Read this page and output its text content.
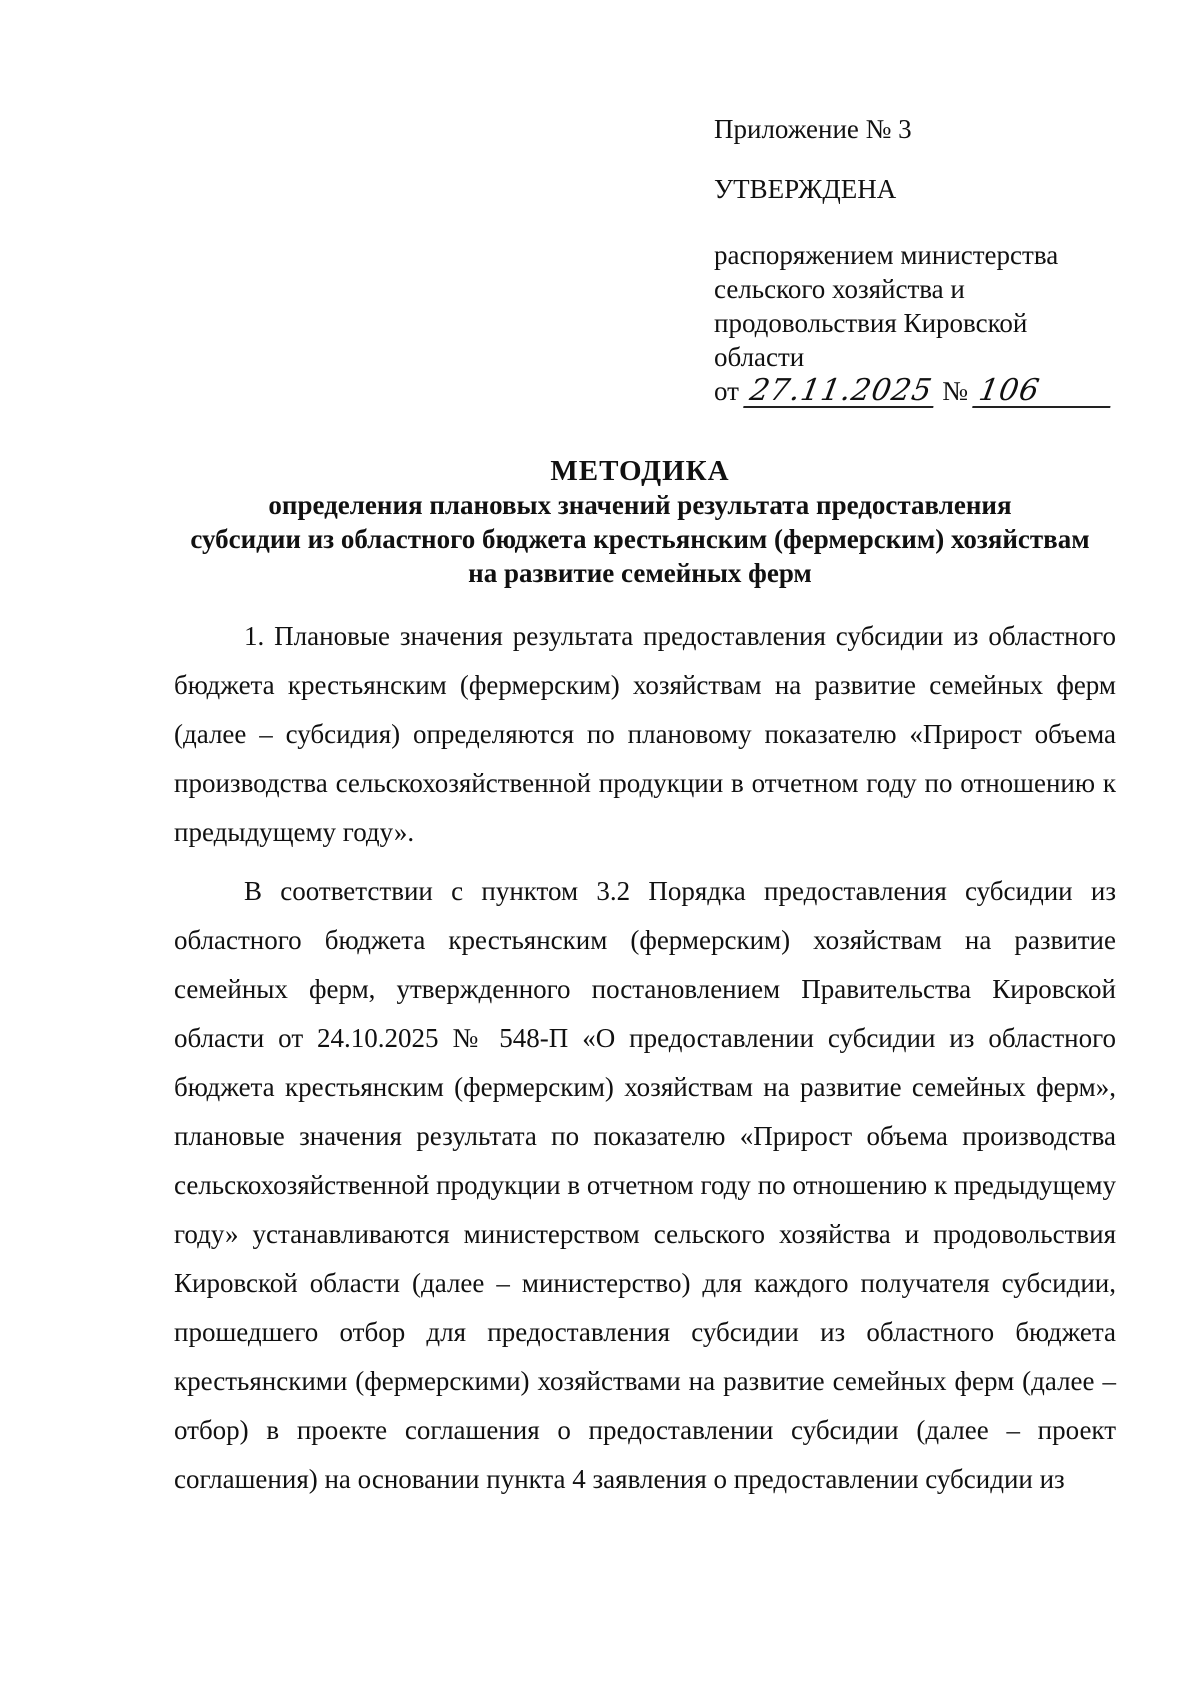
Приложение № 3
УТВЕРЖДЕНА
распоряжением министерства
сельского хозяйства и
продовольствия Кировской
области
от 27.11.2025 № 106
МЕТОДИКА
определения плановых значений результата предоставления
субсидии из областного бюджета крестьянским (фермерским) хозяйствам
на развитие семейных ферм

1. Плановые значения результата предоставления субсидии из областного бюджета крестьянским (фермерским) хозяйствам на развитие семейных ферм (далее – субсидия) определяются по плановому показателю «Прирост объема производства сельскохозяйственной продукции в отчетном году по отношению к предыдущему году».

В соответствии с пунктом 3.2 Порядка предоставления субсидии из областного бюджета крестьянским (фермерским) хозяйствам на развитие семейных ферм, утвержденного постановлением Правительства Кировской области от 24.10.2025 № 548-П «О предоставлении субсидии из областного бюджета крестьянским (фермерским) хозяйствам на развитие семейных ферм», плановые значения результата по показателю «Прирост объема производства сельскохозяйственной продукции в отчетном году по отношению к предыдущему году» устанавливаются министерством сельского хозяйства и продовольствия Кировской области (далее – министерство) для каждого получателя субсидии, прошедшего отбор для предоставления субсидии из областного бюджета крестьянскими (фермерскими) хозяйствами на развитие семейных ферм (далее – отбор) в проекте соглашения о предоставлении субсидии (далее – проект соглашения) на основании пункта 4 заявления о предоставлении субсидии из
